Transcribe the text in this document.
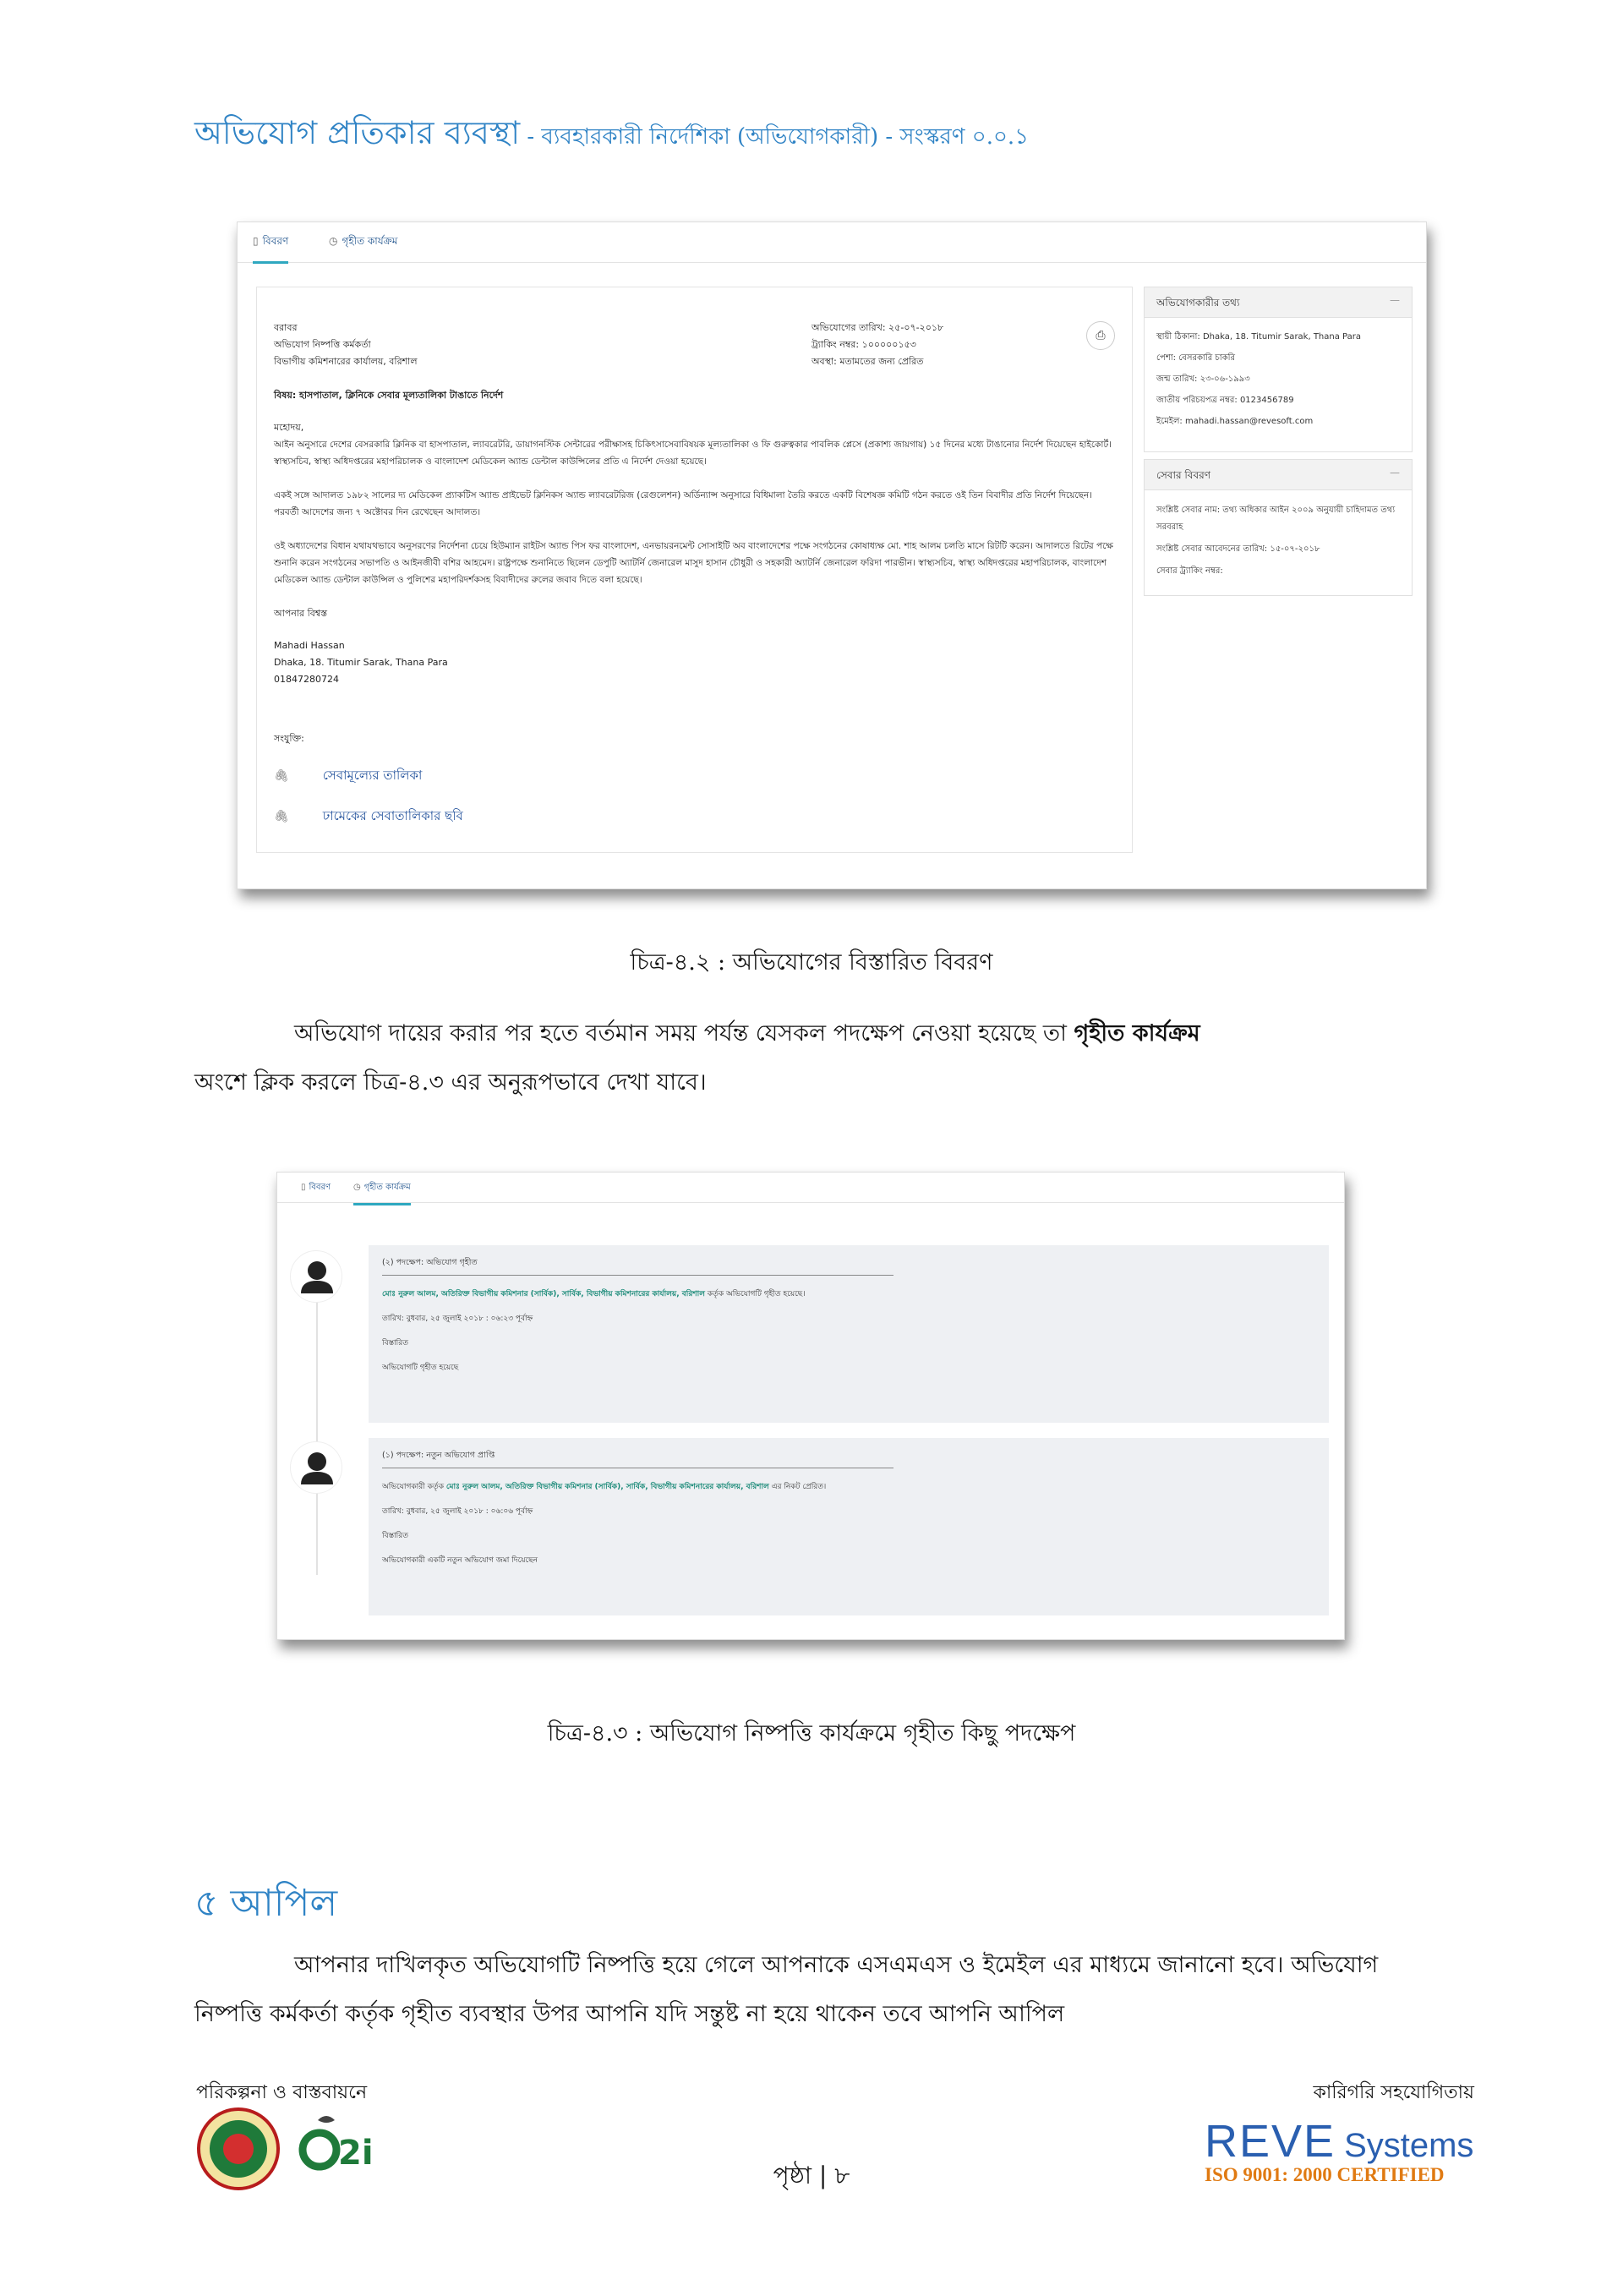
অভিযোগ প্রতিকার ব্যবস্থা - ব্যবহারকারী নির্দেশিকা (অভিযোগকারী) - সংস্করণ ০.০.১
▯ বিবরণ	◷ গৃহীত কার্যক্রম
বরাবর
অভিযোগ নিষ্পত্তি কর্মকর্তা
বিভাগীয় কমিশনারের কার্যালয়, বরিশাল
অভিযোগের তারিখ: ২৫-০৭-২০১৮
ট্র্যাকিং নম্বর: ১০০০০০১৫৩
অবস্থা: মতামতের জন্য প্রেরিত
⎙
বিষয়: হাসপাতাল, ক্লিনিকে সেবার মূল্যতালিকা টাঙাতে নির্দেশ
মহোদয়,
আইন অনুসারে দেশের বেসরকারি ক্লিনিক বা হাসপাতাল, ল্যাবরেটরি, ডায়াগনস্টিক সেন্টারের পরীক্ষাসহ চিকিৎসাসেবাবিষয়ক মূল্যতালিকা ও ফি গুরুত্বকার পাবলিক প্লেসে (প্রকাশ্য জায়গায়) ১৫ দিনের মধ্যে টাঙানোর নির্দেশ দিয়েছেন হাইকোর্ট। স্বাস্থ্যসচিব, স্বাস্থ্য অধিদপ্তরের মহাপরিচালক ও বাংলাদেশ মেডিকেল অ্যান্ড ডেন্টাল কাউন্সিলের প্রতি এ নির্দেশ দেওয়া হয়েছে।
একই সঙ্গে আদালত ১৯৮২ সালের দ্য মেডিকেল প্র্যাকটিস অ্যান্ড প্রাইভেট ক্লিনিকস অ্যান্ড ল্যাবরেটরিজ (রেগুলেশন) অর্ডিন্যান্স অনুসারে বিধিমালা তৈরি করতে একটি বিশেষজ্ঞ কমিটি গঠন করতে ওই তিন বিবাদীর প্রতি নির্দেশ দিয়েছেন। পরবর্তী আদেশের জন্য ৭ অক্টোবর দিন রেখেছেন আদালত।
ওই অধ্যাদেশের বিধান যথাযথভাবে অনুসরণের নির্দেশনা চেয়ে হিউম্যান রাইটস অ্যান্ড পিস ফর বাংলাদেশ, এনভায়রনমেন্ট সোসাইটি অব বাংলাদেশের পক্ষে সংগঠনের কোষাধ্যক্ষ মো. শাহ আলম চলতি মাসে রিটটি করেন। আদালতে রিটের পক্ষে শুনানি করেন সংগঠনের সভাপতি ও আইনজীবী বশির আহমেদ। রাষ্ট্রপক্ষে শুনানিতে ছিলেন ডেপুটি অ্যাটর্নি জেনারেল মাসুদ হাসান চৌধুরী ও সহকারী অ্যাটর্নি জেনারেল ফরিদা পারভীন। স্বাস্থ্যসচিব, স্বাস্থ্য অধিদপ্তরের মহাপরিচালক, বাংলাদেশ মেডিকেল অ্যান্ড ডেন্টাল কাউন্সিল ও পুলিশের মহাপরিদর্শকসহ বিবাদীদের রুলের জবাব দিতে বলা হয়েছে।
আপনার বিশ্বস্ত
Mahadi Hassan
Dhaka, 18. Titumir Sarak, Thana Para
01847280724
সংযুক্তি:
🖇	সেবামূল্যের তালিকা
🖇	ঢামেকের সেবাতালিকার ছবি
অভিযোগকারীর তথ্য	—
স্থায়ী ঠিকানা: Dhaka, 18. Titumir Sarak, Thana Para
পেশা: বেসরকারি চাকরি
জন্ম তারিখ: ২৩-০৬-১৯৯৩
জাতীয় পরিচয়পত্র নম্বর: 0123456789
ইমেইল: mahadi.hassan@revesoft.com
সেবার বিবরণ	—
সংশ্লিষ্ট সেবার নাম: তথ্য অধিকার আইন ২০০৯ অনুযায়ী চাহিদামত তথ্য সরবরাহ
সংশ্লিষ্ট সেবার আবেদনের তারিখ: ১৫-০৭-২০১৮
সেবার ট্র্যাকিং নম্বর:
চিত্র-৪.২ : অভিযোগের বিস্তারিত বিবরণ
অভিযোগ দায়ের করার পর হতে বর্তমান সময় পর্যন্ত যেসকল পদক্ষেপ নেওয়া হয়েছে তা গৃহীত কার্যক্রম
অংশে ক্লিক করলে চিত্র-৪.৩ এর অনুরূপভাবে দেখা যাবে।
▯ বিবরণ	◷ গৃহীত কার্যক্রম
(২) পদক্ষেপ: অভিযোগ গৃহীত
মোঃ নুরুল আলম, অতিরিক্ত বিভাগীয় কমিশনার (সার্বিক), সার্বিক, বিভাগীয় কমিশনারের কার্যালয়, বরিশাল কর্তৃক অভিযোগটি গৃহীত হয়েছে।
তারিখ: বুধবার, ২৫ জুলাই ২০১৮ : ০৬:২৩ পূর্বাহ্ন
বিস্তারিত
অভিযোগটি গৃহীত হয়েছে
(১) পদক্ষেপ: নতুন অভিযোগ প্রাপ্তি
অভিযোগকারী কর্তৃক মোঃ নুরুল আলম, অতিরিক্ত বিভাগীয় কমিশনার (সার্বিক), সার্বিক, বিভাগীয় কমিশনারের কার্যালয়, বরিশাল এর নিকট প্রেরিত।
তারিখ: বুধবার, ২৫ জুলাই ২০১৮ : ০৬:০৬ পূর্বাহ্ন
বিস্তারিত
অভিযোগকারী একটি নতুন অভিযোগ জমা দিয়েছেন
চিত্র-৪.৩ : অভিযোগ নিষ্পত্তি কার্যক্রমে গৃহীত কিছু পদক্ষেপ
৫ আপিল
আপনার দাখিলকৃত অভিযোগটি নিষ্পত্তি হয়ে গেলে আপনাকে এসএমএস ও ইমেইল এর মাধ্যমে জানানো হবে। অভিযোগ নিষ্পত্তি কর্মকর্তা কর্তৃক গৃহীত ব্যবস্থার উপর আপনি যদি সন্তুষ্ট না হয়ে থাকেন তবে আপনি আপিল
পরিকল্পনা ও বাস্তবায়নে	কারিগরি সহযোগিতায়
2i
পৃষ্ঠা | ৮
REVE Systems
ISO 9001: 2000 CERTIFIED
